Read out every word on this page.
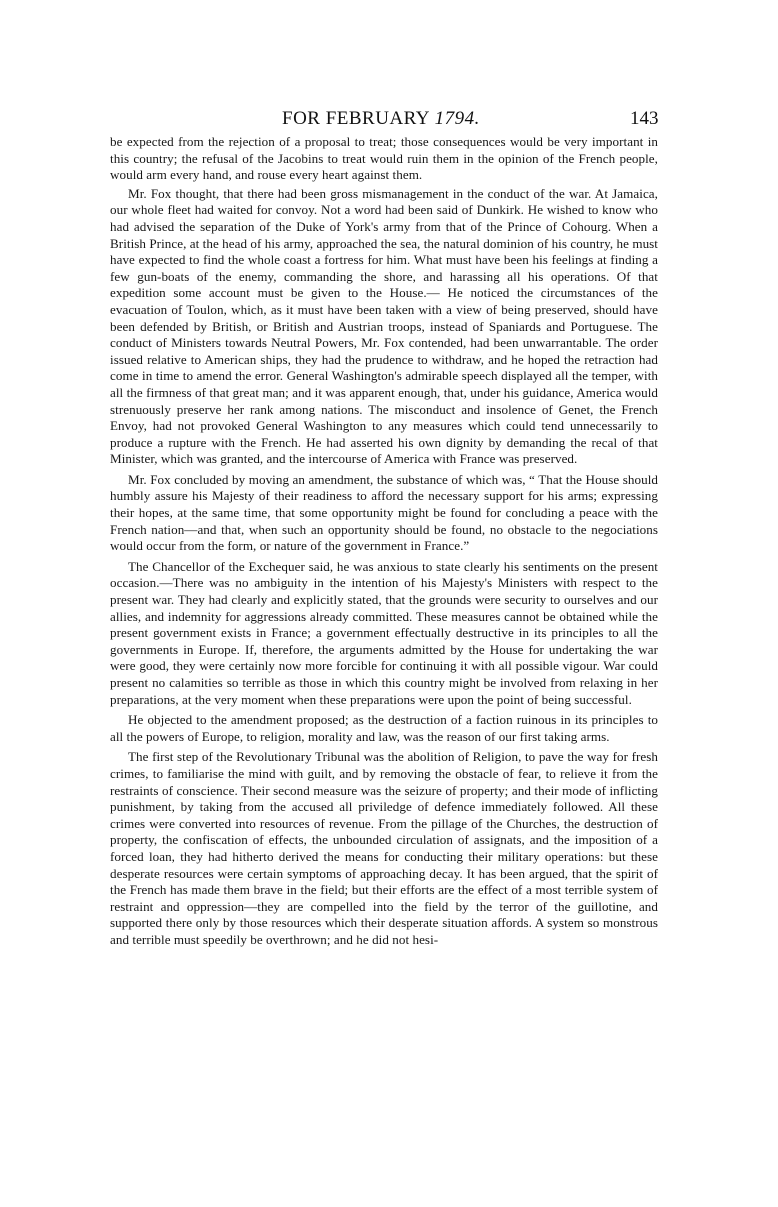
FOR FEBRUARY 1794.	143

be expected from the rejection of a proposal to treat; those consequences would be very important in this country; the refusal of the Jacobins to treat would ruin them in the opinion of the French people, would arm every hand, and rouse every heart against them.

Mr. Fox thought, that there had been gross mismanagement in the conduct of the war. At Jamaica, our whole fleet had waited for convoy. Not a word had been said of Dunkirk. He wished to know who had advised the separation of the Duke of York's army from that of the Prince of Cohourg. When a British Prince, at the head of his army, approached the sea, the natural dominion of his country, he must have expected to find the whole coast a fortress for him. What must have been his feelings at finding a few gun-boats of the enemy, commanding the shore, and harassing all his operations. Of that expedition some account must be given to the House.— He noticed the circumstances of the evacuation of Toulon, which, as it must have been taken with a view of being preserved, should have been defended by British, or British and Austrian troops, instead of Spaniards and Portuguese. The conduct of Ministers towards Neutral Powers, Mr. Fox contended, had been unwarrantable. The order issued relative to American ships, they had the prudence to withdraw, and he hoped the retraction had come in time to amend the error. General Washington's admirable speech displayed all the temper, with all the firmness of that great man; and it was apparent enough, that, under his guidance, America would strenuously preserve her rank among nations. The misconduct and insolence of Genet, the French Envoy, had not provoked General Washington to any measures which could tend unnecessarily to produce a rupture with the French. He had asserted his own dignity by demanding the recal of that Minister, which was granted, and the intercourse of America with France was preserved.

Mr. Fox concluded by moving an amendment, the substance of which was, “ That the House should humbly assure his Majesty of their readiness to afford the necessary support for his arms; expressing their hopes, at the same time, that some opportunity might be found for concluding a peace with the French nation—and that, when such an opportunity should be found, no obstacle to the negociations would occur from the form, or nature of the government in France.”

The Chancellor of the Exchequer said, he was anxious to state clearly his sentiments on the present occasion.—There was no ambiguity in the intention of his Majesty's Ministers with respect to the present war. They had clearly and explicitly stated, that the grounds were security to ourselves and our allies, and indemnity for aggressions already committed. These measures cannot be obtained while the present government exists in France; a government effectually destructive in its principles to all the governments in Europe. If, therefore, the arguments admitted by the House for undertaking the war were good, they were certainly now more forcible for continuing it with all possible vigour. War could present no calamities so terrible as those in which this country might be involved from relaxing in her preparations, at the very moment when these preparations were upon the point of being successful.

He objected to the amendment proposed; as the destruction of a faction ruinous in its principles to all the powers of Europe, to religion, morality and law, was the reason of our first taking arms.

The first step of the Revolutionary Tribunal was the abolition of Religion, to pave the way for fresh crimes, to familiarise the mind with guilt, and by removing the obstacle of fear, to relieve it from the restraints of conscience. Their second measure was the seizure of property; and their mode of inflicting punishment, by taking from the accused all priviledge of defence immediately followed. All these crimes were converted into resources of revenue. From the pillage of the Churches, the destruction of property, the confiscation of effects, the unbounded circulation of assignats, and the imposition of a forced loan, they had hitherto derived the means for conducting their military operations: but these desperate resources were certain symptoms of approaching decay. It has been argued, that the spirit of the French has made them brave in the field; but their efforts are the effect of a most terrible system of restraint and oppression—they are compelled into the field by the terror of the guillotine, and supported there only by those resources which their desperate situation affords. A system so monstrous and terrible must speedily be overthrown; and he did not hesi-
